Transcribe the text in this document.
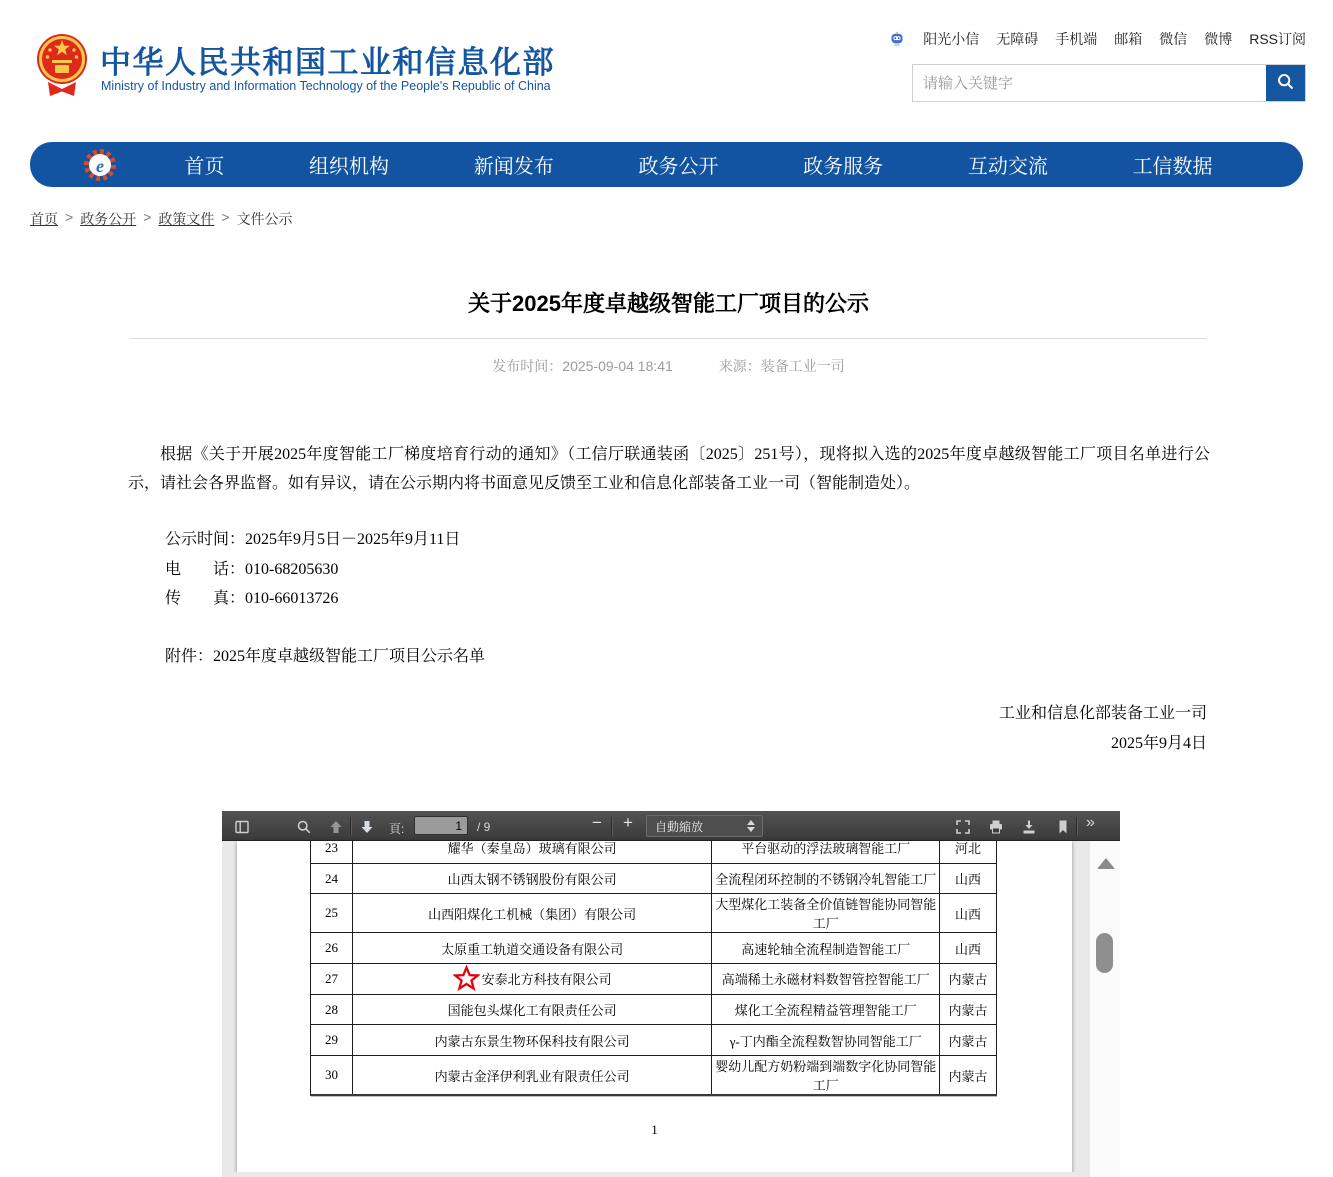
中华人民共和国工业和信息化部
Ministry of Industry and Information Technology of the People's Republic of China
阳光小信 无障碍 手机端 邮箱 微信 微博 RSS订阅
请输入关键字
e	首页	组织机构	新闻发布	政务公开	政务服务	互动交流	工信数据
首页 > 政务公开 > 政策文件 > 文件公示
关于2025年度卓越级智能工厂项目的公示
发布时间：2025-09-04 18:41	来源：装备工业一司
根据《关于开展2025年度智能工厂梯度培育行动的通知》（工信厅联通装函〔2025〕251号），现将拟入选的2025年度卓越级智能工厂项目名单进行公示，请社会各界监督。如有异议，请在公示期内将书面意见反馈至工业和信息化部装备工业一司（智能制造处）。
公示时间：2025年9月5日－2025年9月11日
电　　话：010-68205630
传　　真：010-66013726
附件：2025年度卓越级智能工厂项目公示名单
工业和信息化部装备工业一司
2025年9月4日
頁:
1	/ 9	− +	自動縮放	»
23	耀华（秦皇岛）玻璃有限公司	平台驱动的浮法玻璃智能工厂	河北
24	山西太钢不锈钢股份有限公司	全流程闭环控制的不锈钢冷轧智能工厂	山西
25	山西阳煤化工机械（集团）有限公司	大型煤化工装备全价值链智能协同智能工厂	山西
26	太原重工轨道交通设备有限公司	高速轮轴全流程制造智能工厂	山西
27	安泰北方科技有限公司	高端稀土永磁材料数智管控智能工厂	内蒙古
28	国能包头煤化工有限责任公司	煤化工全流程精益管理智能工厂	内蒙古
29	内蒙古东景生物环保科技有限公司	γ-丁内酯全流程数智协同智能工厂	内蒙古
30	内蒙古金泽伊利乳业有限责任公司	婴幼儿配方奶粉端到端数字化协同智能工厂	内蒙古
1
